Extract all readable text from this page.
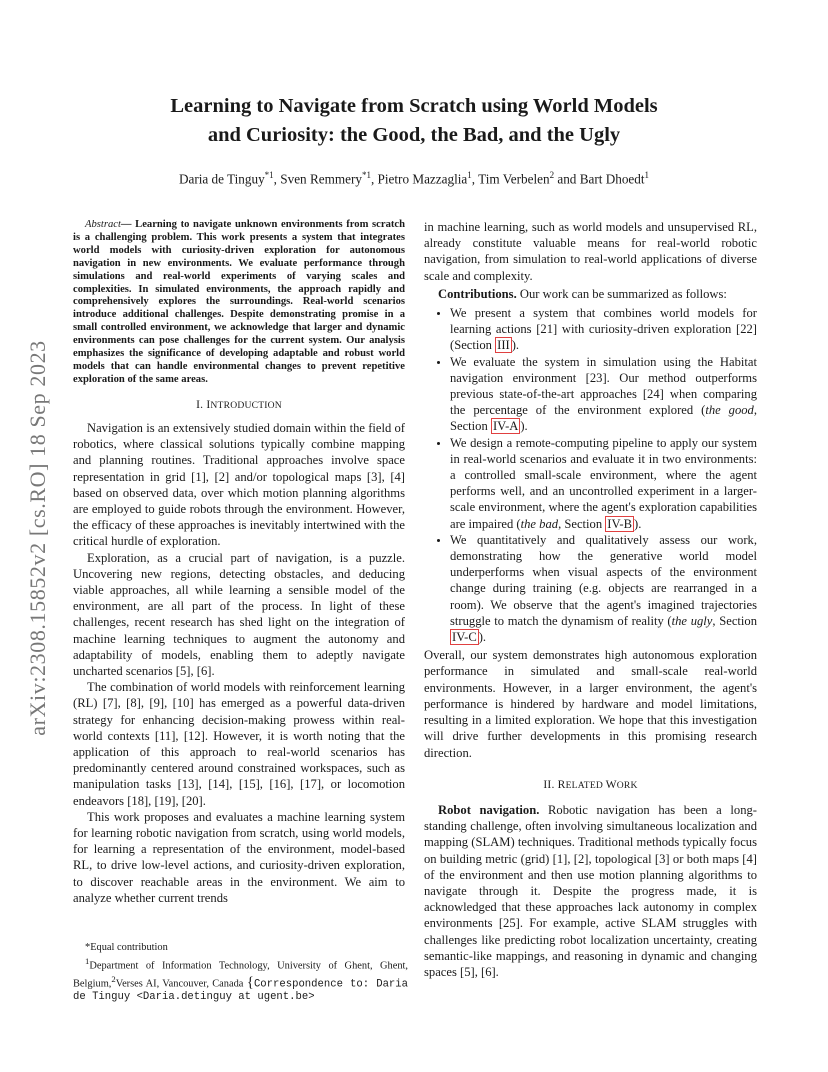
Learning to Navigate from Scratch using World Models
and Curiosity: the Good, the Bad, and the Ugly
Daria de Tinguy$^{*1}$, Sven Remmery$^{*1}$, Pietro Mazzaglia$^1$, Tim Verbelen$^2$ and Bart Dhoedt$^1$
arXiv:2308.15852v2 [cs.RO] 18 Sep 2023

Abstract— Learning to navigate unknown environments from scratch is a challenging problem. This work presents a system that integrates world models with curiosity-driven exploration for autonomous navigation in new environments. We evaluate performance through simulations and real-world experiments of varying scales and complexities. In simulated environments, the approach rapidly and comprehensively explores the surroundings. Real-world scenarios introduce additional challenges. Despite demonstrating promise in a small controlled environment, we acknowledge that larger and dynamic environments can pose challenges for the current system. Our analysis emphasizes the significance of developing adaptable and robust world models that can handle environmental changes to prevent repetitive exploration of the same areas.

I. INTRODUCTION

Navigation is an extensively studied domain within the field of robotics, where classical solutions typically combine mapping and planning routines. Traditional approaches involve space representation in grid [1], [2] and/or topological maps [3], [4] based on observed data, over which motion planning algorithms are employed to guide robots through the environment. However, the efficacy of these approaches is inevitably intertwined with the critical hurdle of exploration.

Exploration, as a crucial part of navigation, is a puzzle. Uncovering new regions, detecting obstacles, and deducing viable approaches, all while learning a sensible model of the environment, are all part of the process. In light of these challenges, recent research has shed light on the integration of machine learning techniques to augment the autonomy and adaptability of models, enabling them to adeptly navigate uncharted scenarios [5], [6].

The combination of world models with reinforcement learning (RL) [7], [8], [9], [10] has emerged as a powerful data-driven strategy for enhancing decision-making prowess within real-world contexts [11], [12]. However, it is worth noting that the application of this approach to real-world scenarios has predominantly centered around constrained workspaces, such as manipulation tasks [13], [14], [15], [16], [17], or locomotion endeavors [18], [19], [20].

This work proposes and evaluates a machine learning system for learning robotic navigation from scratch, using world models, for learning a representation of the environment, model-based RL, to drive low-level actions, and curiosity-driven exploration, to discover reachable areas in the environment. We aim to analyze whether current trends

*Equal contribution
$^1$Department of Information Technology, University of Ghent, Ghent, Belgium,$^2$Verses AI, Vancouver, Canada {Correspondence to: Daria de Tinguy <Daria.detinguy at ugent.be>

in machine learning, such as world models and unsupervised RL, already constitute valuable means for real-world robotic navigation, from simulation to real-world applications of diverse scale and complexity.

Contributions. Our work can be summarized as follows:

• We present a system that combines world models for learning actions [21] with curiosity-driven exploration [22] (Section III ).
• We evaluate the system in simulation using the Habitat navigation environment [23]. Our method outperforms previous state-of-the-art approaches [24] when comparing the percentage of the environment explored (the good, Section IV-A ).
• We design a remote-computing pipeline to apply our system in real-world scenarios and evaluate it in two environments: a controlled small-scale environment, where the agent performs well, and an uncontrolled experiment in a larger-scale environment, where the agent's exploration capabilities are impaired (the bad, Section IV-B ).
• We quantitatively and qualitatively assess our work, demonstrating how the generative world model underperforms when visual aspects of the environment change during training (e.g. objects are rearranged in a room). We observe that the agent's imagined trajectories struggle to match the dynamism of reality (the ugly, Section IV-C ).

Overall, our system demonstrates high autonomous exploration performance in simulated and small-scale real-world environments. However, in a larger environment, the agent's performance is hindered by hardware and model limitations, resulting in a limited exploration. We hope that this investigation will drive further developments in this promising research direction.

II. RELATED WORK

Robot navigation. Robotic navigation has been a long-standing challenge, often involving simultaneous localization and mapping (SLAM) techniques. Traditional methods typically focus on building metric (grid) [1], [2], topological [3] or both maps [4] of the environment and then use motion planning algorithms to navigate through it. Despite the progress made, it is acknowledged that these approaches lack autonomy in complex environments [25]. For example, active SLAM struggles with challenges like predicting robot localization uncertainty, creating semantic-like mappings, and reasoning in dynamic and changing spaces [5], [6].
